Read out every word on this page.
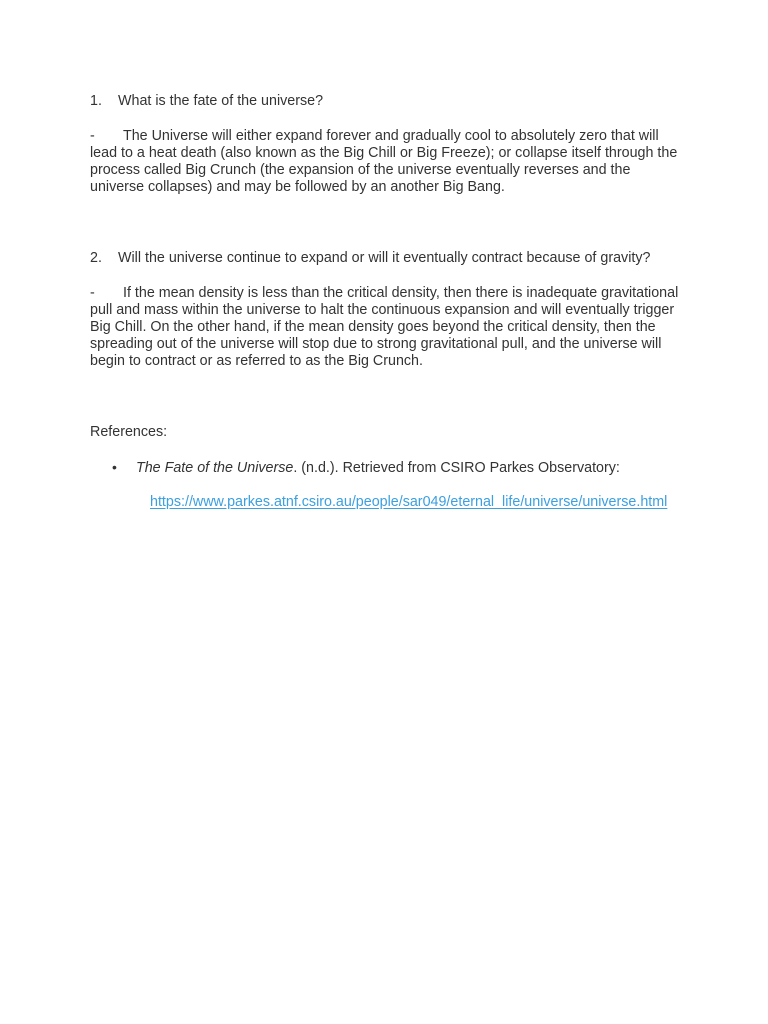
1. What is the fate of the universe?

- The Universe will either expand forever and gradually cool to absolutely zero that will lead to a heat death (also known as the Big Chill or Big Freeze); or collapse itself through the process called Big Crunch (the expansion of the universe eventually reverses and the universe collapses) and may be followed by an another Big Bang.

2. Will the universe continue to expand or will it eventually contract because of gravity?

- If the mean density is less than the critical density, then there is inadequate gravitational pull and mass within the universe to halt the continuous expansion and will eventually trigger Big Chill. On the other hand, if the mean density goes beyond the critical density, then the spreading out of the universe will stop due to strong gravitational pull, and the universe will begin to contract or as referred to as the Big Crunch.

References:
• The Fate of the Universe. (n.d.). Retrieved from CSIRO Parkes Observatory:
https://www.parkes.atnf.csiro.au/people/sar049/eternal_life/universe/universe.html
